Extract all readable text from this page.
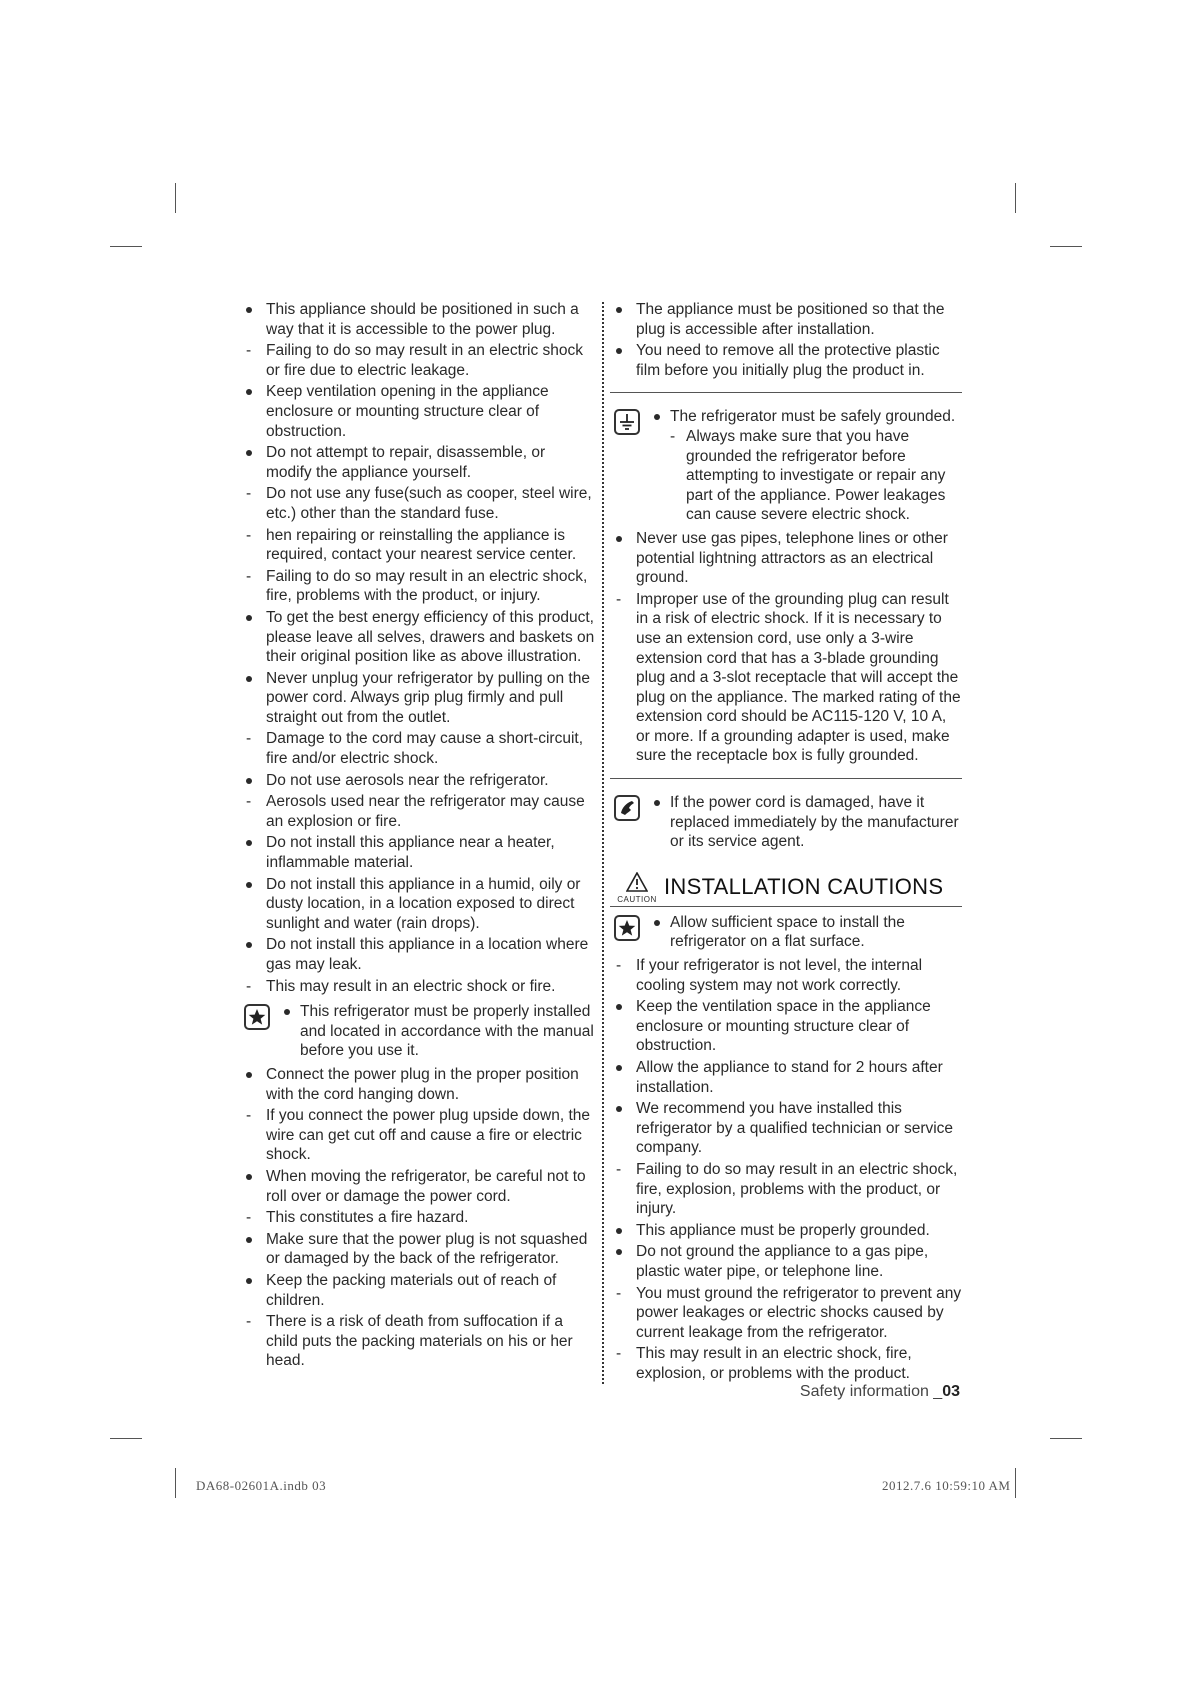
This appliance should be positioned in such a way that it is accessible to the power plug.
- Failing to do so may result in an electric shock or fire due to electric leakage.
Keep ventilation opening in the appliance enclosure or mounting structure clear of obstruction.
Do not attempt to repair, disassemble, or modify the appliance yourself.
- Do not use any fuse(such as cooper, steel wire, etc.) other than the standard fuse.
- hen repairing or reinstalling the appliance is required, contact your nearest service center.
- Failing to do so may result in an electric shock, fire, problems with the product, or injury.
To get the best energy efficiency of this product, please leave all selves, drawers and baskets on their original position like as above illustration.
Never unplug your refrigerator by pulling on the power cord. Always grip plug firmly and pull straight out from the outlet.
- Damage to the cord may cause a short-circuit, fire and/or electric shock.
Do not use aerosols near the refrigerator.
- Aerosols used near the refrigerator may cause an explosion or fire.
Do not install this appliance near a heater, inflammable material.
Do not install this appliance in a humid, oily or dusty location, in a location exposed to direct sunlight and water (rain drops).
Do not install this appliance in a location where gas may leak.
- This may result in an electric shock or fire.
This refrigerator must be properly installed and located in accordance with the manual before you use it.
Connect the power plug in the proper position with the cord hanging down.
- If you connect the power plug upside down, the wire can get cut off and cause a fire or electric shock.
When moving the refrigerator, be careful not to roll over or damage the power cord.
- This constitutes a fire hazard.
Make sure that the power plug is not squashed or damaged by the back of the refrigerator.
Keep the packing materials out of reach of children.
- There is a risk of death from suffocation if a child puts the packing materials on his or her head.
The appliance must be positioned so that the plug is accessible after installation.
You need to remove all the protective plastic film before you initially plug the product in.
The refrigerator must be safely grounded.
- Always make sure that you have grounded the refrigerator before attempting to investigate or repair any part of the appliance. Power leakages can cause severe electric shock.
Never use gas pipes, telephone lines or other potential lightning attractors as an electrical ground.
- Improper use of the grounding plug can result in a risk of electric shock. If it is necessary to use an extension cord, use only a 3-wire extension cord that has a 3-blade grounding plug and a 3-slot receptacle that will accept the plug on the appliance. The marked rating of the extension cord should be AC115-120 V, 10 A, or more. If a grounding adapter is used, make sure the receptacle box is fully grounded.
If the power cord is damaged, have it replaced immediately by the manufacturer or its service agent.
CAUTION
INSTALLATION CAUTIONS
Allow sufficient space to install the refrigerator on a flat surface.
- If your refrigerator is not level, the internal cooling system may not work correctly.
Keep the ventilation space in the appliance enclosure or mounting structure clear of obstruction.
Allow the appliance to stand for 2 hours after installation.
We recommend you have installed this refrigerator by a qualified technician or service company.
- Failing to do so may result in an electric shock, fire, explosion, problems with the product, or injury.
This appliance must be properly grounded.
Do not ground the appliance to a gas pipe, plastic water pipe, or telephone line.
- You must ground the refrigerator to prevent any power leakages or electric shocks caused by current leakage from the refrigerator.
- This may result in an electric shock, fire, explosion, or problems with the product.
Safety information _03
DA68-02601A.indb 03	2012.7.6 10:59:10 AM
